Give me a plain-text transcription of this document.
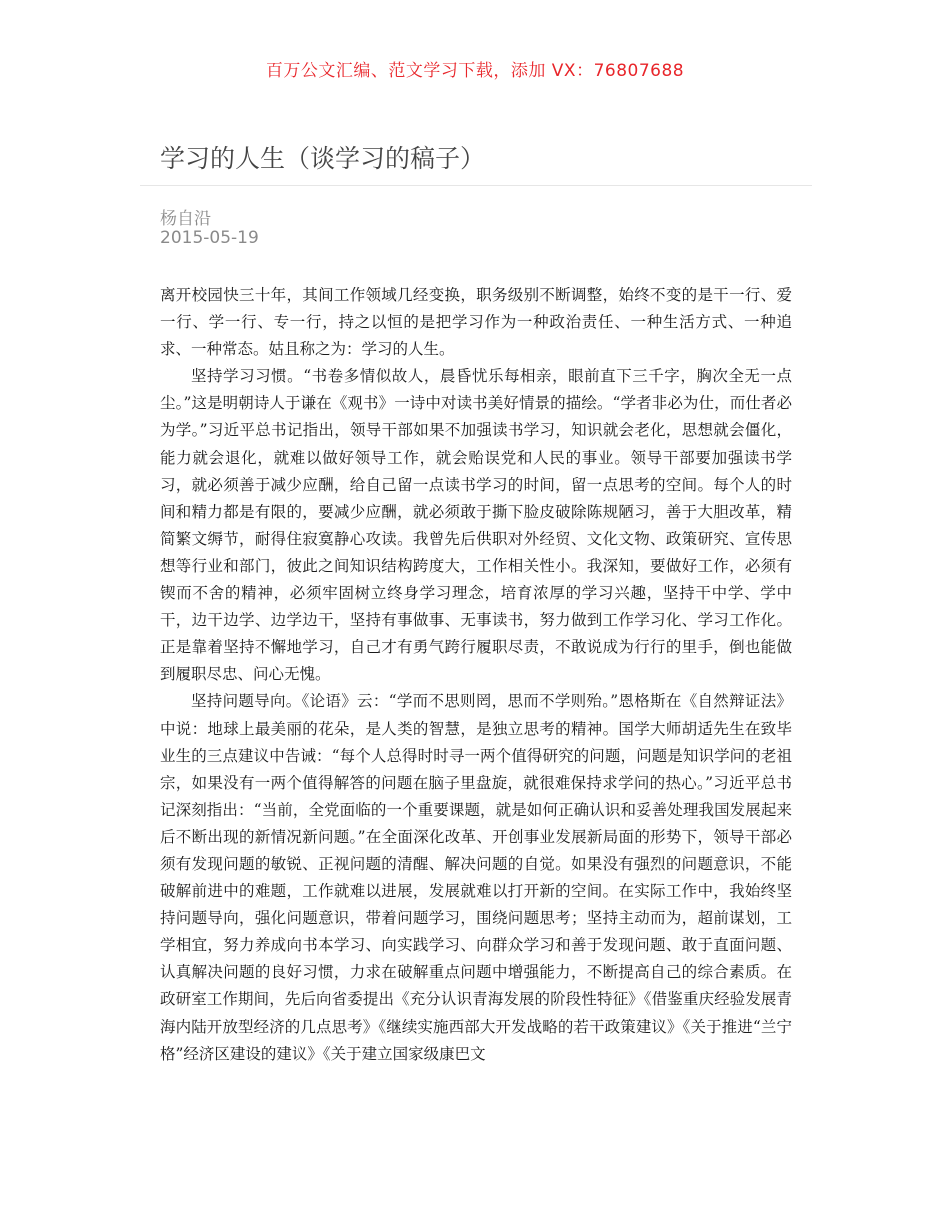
百万公文汇编、范文学习下载，添加 VX：76807688
学习的人生（谈学习的稿子）
杨自沿
2015-05-19

离开校园快三十年，其间工作领域几经变换，职务级别不断调整，始终不变的是干一行、爱一行、学一行、专一行，持之以恒的是把学习作为一种政治责任、一种生活方式、一种追求、一种常态。姑且称之为：学习的人生。

坚持学习习惯。“书卷多情似故人，晨昏忧乐每相亲，眼前直下三千字，胸次全无一点尘。”这是明朝诗人于谦在《观书》一诗中对读书美好情景的描绘。“学者非必为仕，而仕者必为学。”习近平总书记指出，领导干部如果不加强读书学习，知识就会老化，思想就会僵化，能力就会退化，就难以做好领导工作，就会贻误党和人民的事业。领导干部要加强读书学习，就必须善于减少应酬，给自己留一点读书学习的时间，留一点思考的空间。每个人的时间和精力都是有限的，要减少应酬，就必须敢于撕下脸皮破除陈规陋习，善于大胆改革，精简繁文缛节，耐得住寂寞静心攻读。我曾先后供职对外经贸、文化文物、政策研究、宣传思想等行业和部门，彼此之间知识结构跨度大，工作相关性小。我深知，要做好工作，必须有锲而不舍的精神，必须牢固树立终身学习理念，培育浓厚的学习兴趣，坚持干中学、学中干，边干边学、边学边干，坚持有事做事、无事读书，努力做到工作学习化、学习工作化。正是靠着坚持不懈地学习，自己才有勇气跨行履职尽责，不敢说成为行行的里手，倒也能做到履职尽忠、问心无愧。

坚持问题导向。《论语》云：“学而不思则罔，思而不学则殆。”恩格斯在《自然辩证法》中说：地球上最美丽的花朵，是人类的智慧，是独立思考的精神。国学大师胡适先生在致毕业生的三点建议中告诫：“每个人总得时时寻一两个值得研究的问题，问题是知识学问的老祖宗，如果没有一两个值得解答的问题在脑子里盘旋，就很难保持求学问的热心。”习近平总书记深刻指出：“当前，全党面临的一个重要课题，就是如何正确认识和妥善处理我国发展起来后不断出现的新情况新问题。”在全面深化改革、开创事业发展新局面的形势下，领导干部必须有发现问题的敏锐、正视问题的清醒、解决问题的自觉。如果没有强烈的问题意识，不能破解前进中的难题，工作就难以进展，发展就难以打开新的空间。在实际工作中，我始终坚持问题导向，强化问题意识，带着问题学习，围绕问题思考；坚持主动而为，超前谋划，工学相宜，努力养成向书本学习、向实践学习、向群众学习和善于发现问题、敢于直面问题、认真解决问题的良好习惯，力求在破解重点问题中增强能力，不断提高自己的综合素质。在政研室工作期间，先后向省委提出《充分认识青海发展的阶段性特征》《借鉴重庆经验发展青海内陆开放型经济的几点思考》《继续实施西部大开发战略的若干政策建议》《关于推进“兰宁格”经济区建设的建议》《关于建立国家级康巴文
